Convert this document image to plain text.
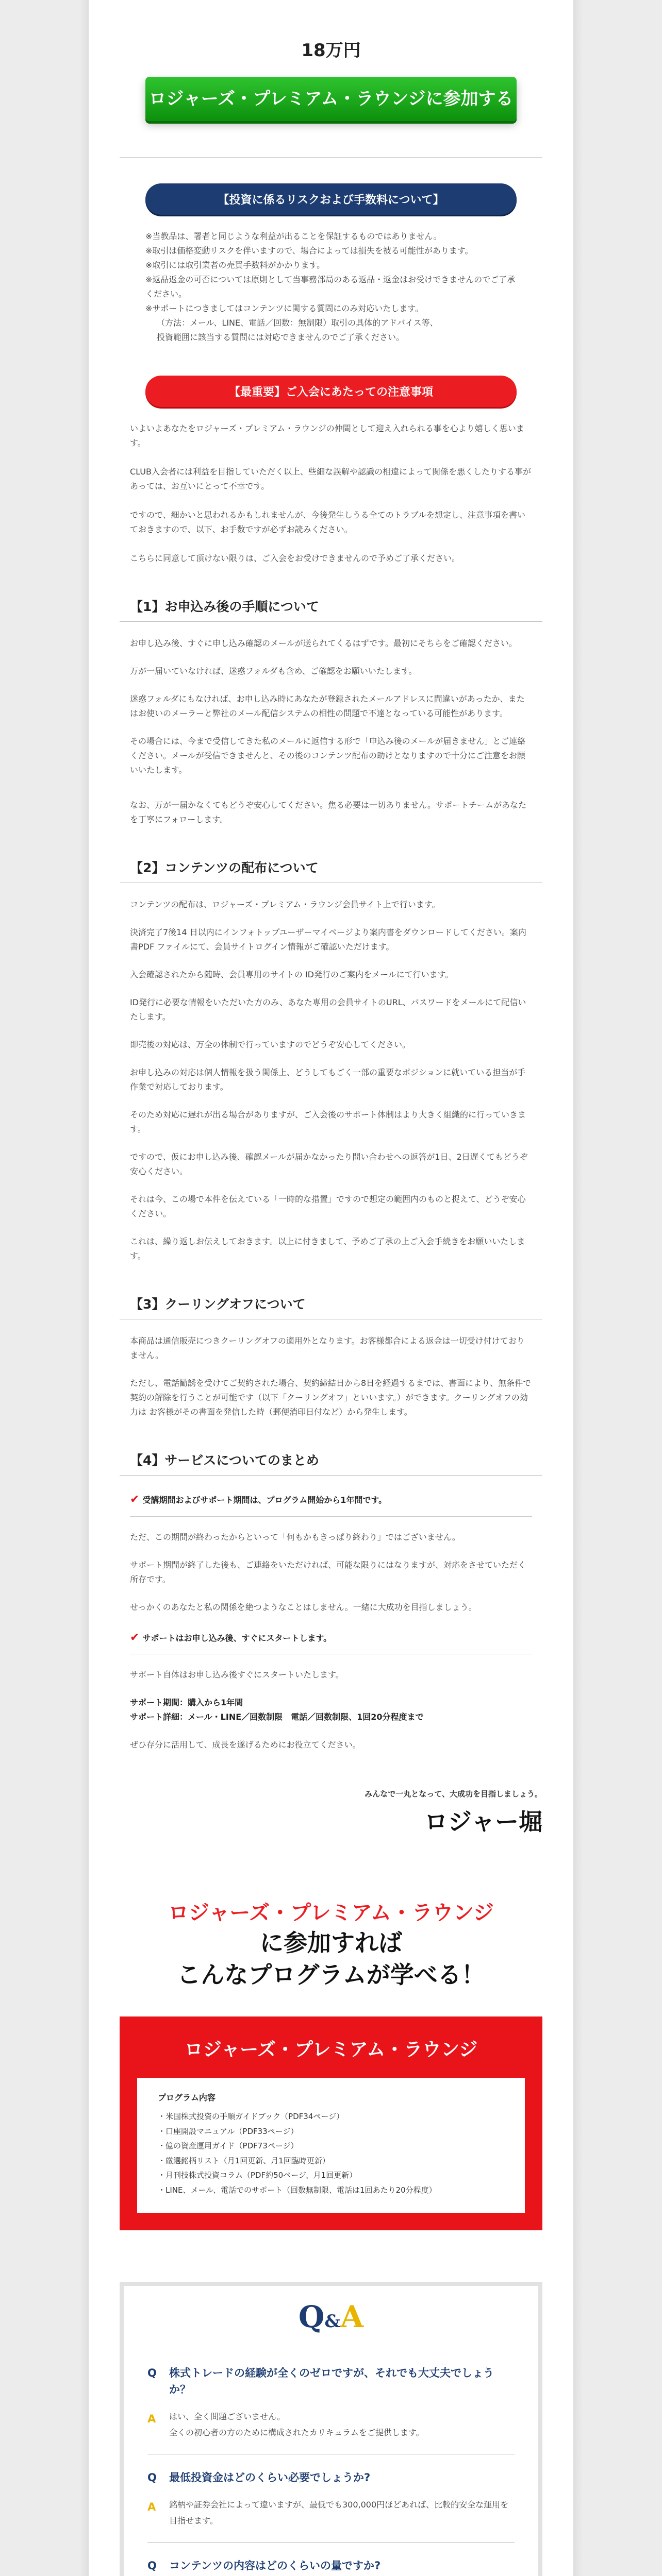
18万円
ロジャーズ・プレミアム・ラウンジに参加する
【投資に係るリスクおよび手数料について】

※当教品は、署者と同じような利益が出ることを保証するものではありません。

※取引は価格変動リスクを伴いますので、場合によっては損失を被る可能性があります。

※取引には取引業者の売買手数料がかかります。

※返品返金の可否については原則として当事務部局のある返品・返金はお受けできませんのでご了承ください。

※サポートにつきましてはコンテンツに関する質問にのみ対応いたします。

（方法：メール、LINE、電話／回数：無制限）取引の具体的アドバイス等、

投資範囲に該当する質問には対応できませんのでご了承ください。

【最重要】ご入会にあたっての注意事項

いよいよあなたをロジャーズ・プレミアム・ラウンジの仲間として迎え入れられる事を心より嬉しく思います。

CLUB入会者には利益を目指していただく以上、些細な誤解や認識の相違によって関係を悪くしたりする事があっては、お互いにとって不幸です。

ですので、細かいと思われるかもしれませんが、今後発生しうる全てのトラブルを想定し、注意事項を書いておきますので、以下、お手数ですが必ずお読みください。

こちらに同意して頂けない限りは、ご入会をお受けできませんので予めご了承ください。

【1】お申込み後の手順について

お申し込み後、すぐに申し込み確認のメールが送られてくるはずです。最初にそちらをご確認ください。

万が一届いていなければ、迷惑フォルダも含め、ご確認をお願いいたします。

迷惑フォルダにもなければ、お申し込み時にあなたが登録されたメールアドレスに間違いがあったか、またはお使いのメーラーと弊社のメール配信システムの相性の問題で不達となっている可能性があります。

その場合には、今まで受信してきた私のメールに返信する形で「申込み後のメールが届きません」とご連絡ください。メールが受信できませんと、その後のコンテンツ配布の助けとなりますので十分にご注意をお願いいたします。

なお、万が一届かなくてもどうぞ安心してください。焦る必要は一切ありません。サポートチームがあなたを丁寧にフォローします。

【2】コンテンツの配布について

コンテンツの配布は、ロジャーズ・プレミアム・ラウンジ会員サイト上で行います。

決済完了7後14 日以内にインフォトップユーザーマイページより案内書をダウンロードしてください。案内書PDF ファイルにて、会員サイトログイン情報がご確認いただけます。

入会確認されたから随時、会員専用のサイトの ID発行のご案内をメールにて行います。

ID発行に必要な情報をいただいた方のみ、あなた専用の会員サイトのURL、パスワードをメールにて配信いたします。

即売後の対応は、万全の体制で行っていますのでどうぞ安心してください。

お申し込みの対応は個人情報を扱う関係上、どうしてもごく一部の重要なポジションに就いている担当が手作業で対応しております。

そのため対応に遅れが出る場合がありますが、ご入会後のサポート体制はより大きく組織的に行っていきます。

ですので、仮にお申し込み後、確認メールが届かなかったり問い合わせへの返答が1日、2日遅くてもどうぞ安心ください。

それは今、この場で本件を伝えている「一時的な措置」ですので想定の範囲内のものと捉えて、どうぞ安心ください。

これは、繰り返しお伝えしておきます。以上に付きまして、予めご了承の上ご入会手続きをお願いいたします。

【3】クーリングオフについて

本商品は通信販売につきクーリングオフの適用外となります。お客様都合による返金は一切受け付けておりません。

ただし、電話勧誘を受けてご契約された場合、契約締結日から8日を経過するまでは、書面により、無条件で契約の解除を行うことが可能です（以下「クーリングオフ」といいます。）ができます。クーリングオフの効力は お客様がその書面を発信した時（郵便消印日付など）から発生します。

【4】サービスについてのまとめ

✔ 受講期間およびサポート期間は、プログラム開始から1年間です。

ただ、この期間が終わったからといって「何もかもきっぱり終わり」ではございません。

サポート期間が終了した後も、ご連絡をいただければ、可能な限りにはなりますが、対応をさせていただく所存です。

せっかくのあなたと私の関係を絶つようなことはしません。一緒に大成功を目指しましょう。

✔ サポートはお申し込み後、すぐにスタートします。

サポート自体はお申し込み後すぐにスタートいたします。

サポート期間：購入から1年間

サポート詳細：メール・LINE／回数制限　電話／回数制限、1回20分程度まで

ぜひ存分に活用して、成長を遂げるためにお役立てください。

みんなで一丸となって、大成功を目指しましょう。
ロジャー堀
ロジャーズ・プレミアム・ラウンジ
に参加すれば
こんなプログラムが学べる！
ロジャーズ・プレミアム・ラウンジ
プログラム内容
・米国株式投資の手順ガイドブック（PDF34ページ）
・口座開設マニュアル（PDF33ページ）
・億の資産運用ガイド（PDF73ページ）
・厳選銘柄リスト（月1回更新、月1回臨時更新）
・月刊技株式投資コラム（PDF約50ページ、月1回更新）
・LINE、メール、電話でのサポート（回数無制限、電話は1回あたり20分程度）
Q&A
Q	株式トレードの経験が全くのゼロですが、それでも大丈夫でしょうか？
A	はい、全く問題ございません。
全くの初心者の方のために構成されたカリキュラムをご提供します。
Q	最低投資金はどのくらい必要でしょうか?
A	銘柄や証券会社によって違いますが、最低でも300,000円ほどあれば、比較的安全な運用を目指せます。
Q	コンテンツの内容はどのくらいの量ですか?
